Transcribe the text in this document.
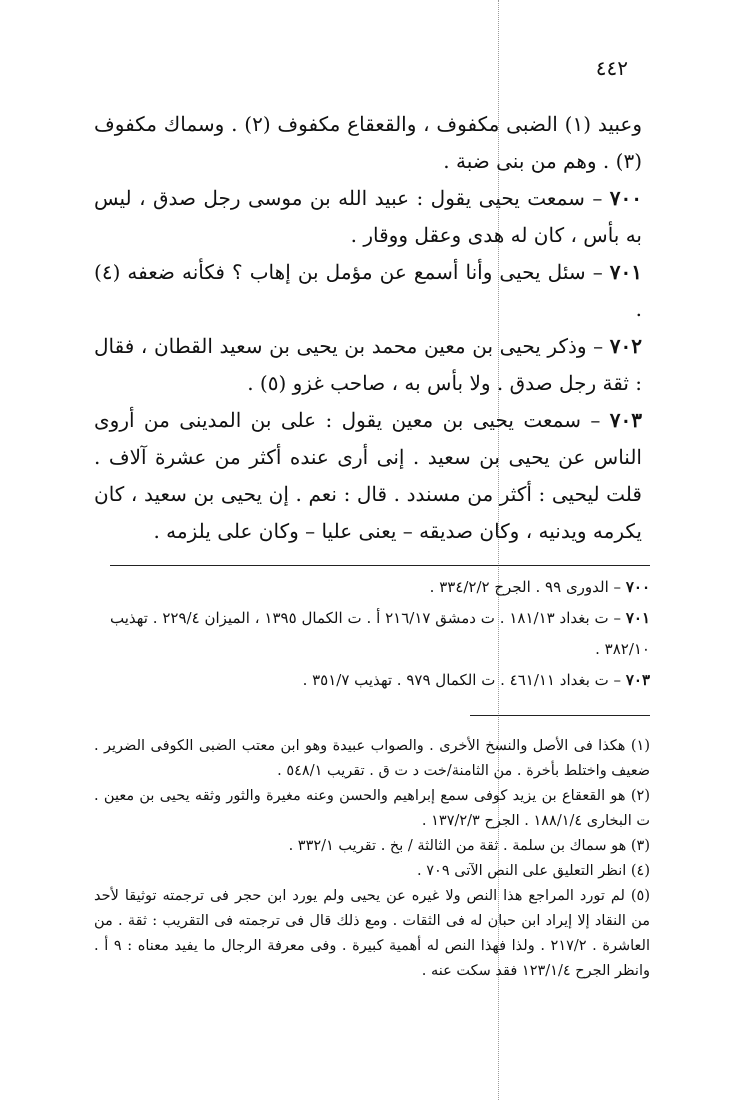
٤٤٢

وعبيد (١) الضبى مكفوف ، والقعقاع مكفوف (٢) . وسماك مكفوف (٣) . وهم من بنى ضبة .

٧٠٠ – سمعت يحيى يقول : عبيد الله بن موسى رجل صدق ، ليس به بأس ، كان له هدى وعقل ووقار .

٧٠١ – سئل يحيى وأنا أسمع عن مؤمل بن إهاب ؟ فكأنه ضعفه (٤) .

٧٠٢ – وذكر يحيى بن معين محمد بن يحيى بن سعيد القطان ، فقال : ثقة رجل صدق . ولا بأس به ، صاحب غزو (٥) .

٧٠٣ – سمعت يحيى بن معين يقول : على بن المدينى من أروى الناس عن يحيى بن سعيد . إنى أرى عنده أكثر من عشرة آلاف . قلت ليحيى : أكثر من مسندد . قال : نعم . إن يحيى بن سعيد ، كان يكرمه ويدنيه ، وكان صديقه – يعنى عليا – وكان على يلزمه .

٧٠٠ – الدورى ٩٩ . الجرح ٣٣٤/٢/٢ .

٧٠١ – ت بغداد ١٨١/١٣ . ت دمشق ٢١٦/١٧ أ . ت الكمال ١٣٩٥ ، الميزان ٢٢٩/٤ . تهذيب ٣٨٢/١٠ .

٧٠٣ – ت بغداد ٤٦١/١١ . ت الكمال ٩٧٩ . تهذيب ٣٥١/٧ .

(١) هكذا فى الأصل والنسخ الأخرى . والصواب عبيدة وهو ابن معتب الضبى الكوفى الضرير . ضعيف واختلط بأخرة . من الثامنة/خت د ت ق . تقريب ٥٤٨/١ .

(٢) هو القعقاع بن يزيد كوفى سمع إبراهيم والحسن وعنه مغيرة والثور وثقه يحيى بن معين . ت البخارى ١٨٨/١/٤ . الجرح ١٣٧/٢/٣ .

(٣) هو سماك بن سلمة . ثقة من الثالثة / بخ . تقريب ٣٣٢/١ .

(٤) انظر التعليق على النص الآتى ٧٠٩ .

(٥) لم تورد المراجع هذا النص ولا غيره عن يحيى ولم يورد ابن حجر فى ترجمته توثيقا لأحد من النقاد إلا إيراد ابن حبان له فى الثقات . ومع ذلك قال فى ترجمته فى التقريب : ثقة . من العاشرة . ٢١٧/٢ . ولذا فهذا النص له أهمية كبيرة . وفى معرفة الرجال ما يفيد معناه : ٩ أ . وانظر الجرح ١٢٣/١/٤ فقد سكت عنه .
